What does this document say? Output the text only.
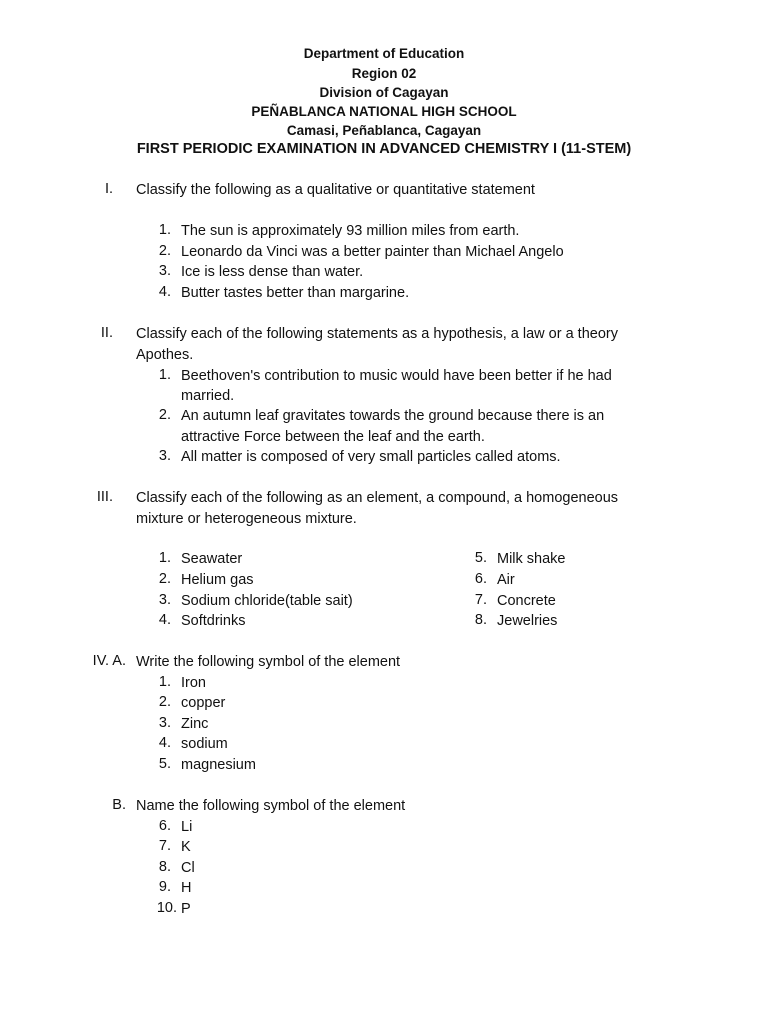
Department of Education
Region 02
Division of Cagayan
PEÑABLANCA NATIONAL HIGH SCHOOL
Camasi, Peñablanca, Cagayan
FIRST PERIODIC EXAMINATION IN ADVANCED CHEMISTRY I (11-STEM)
I. Classify the following as a qualitative or quantitative statement
1. The sun is approximately 93 million miles from earth.
2. Leonardo da Vinci was a better painter than Michael Angelo
3. Ice is less dense than water.
4. Butter tastes better than margarine.
II. Classify each of the following statements as a hypothesis, a law or a theory
Apothes.
1. Beethoven's contribution to music would have been better if he had
married.
2. An autumn leaf gravitates towards the ground because there is an
attractive Force between the leaf and the earth.
3. All matter is composed of very small particles called atoms.
III. Classify each of the following as an element, a compound, a homogeneous
mixture or heterogeneous mixture.
1. Seawater
2. Helium gas
3. Sodium chloride(table sait)
4. Softdrinks
5. Milk shake
6. Air
7. Concrete
8. Jewelries
IV. A. Write the following symbol of the element
1. Iron
2. copper
3. Zinc
4. sodium
5. magnesium
B. Name the following symbol of the element
6. Li
7. K
8. Cl
9. H
10. P
